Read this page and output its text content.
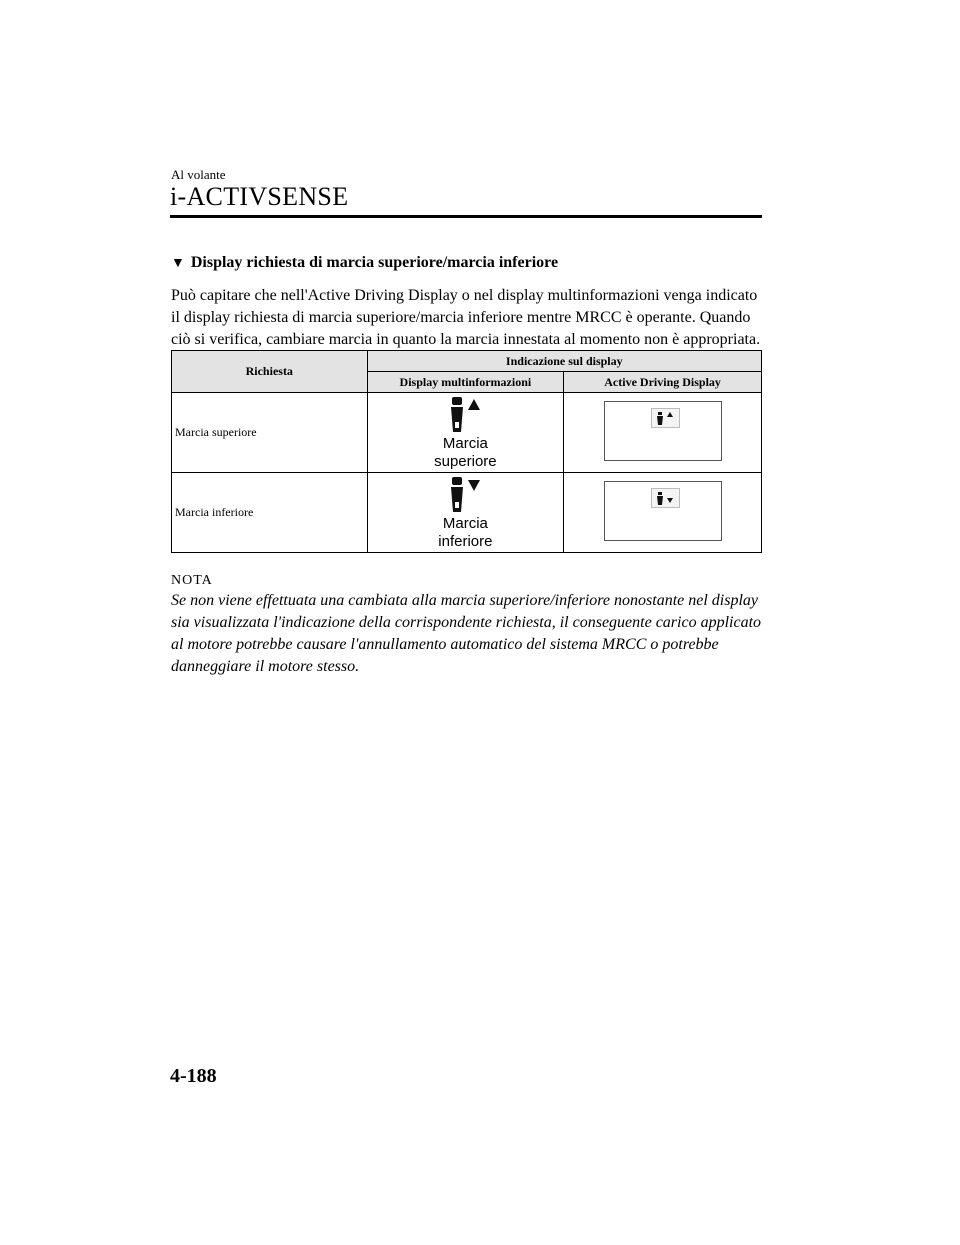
Al volante
i-ACTIVSENSE
▼ Display richiesta di marcia superiore/marcia inferiore
Può capitare che nell'Active Driving Display o nel display multinformazioni venga indicato
il display richiesta di marcia superiore/marcia inferiore mentre MRCC è operante. Quando
ciò si verifica, cambiare marcia in quanto la marcia innestata al momento non è appropriata.
Richiesta	Indicazione sul display	
	Display multinformazioni	Active Driving Display
Marcia superiore	Marcia
superiore

Marcia inferiore	Marcia
inferiore

NOTA
Se non viene effettuata una cambiata alla marcia superiore/inferiore nonostante nel display
sia visualizzata l'indicazione della corrispondente richiesta, il conseguente carico applicato
al motore potrebbe causare l'annullamento automatico del sistema MRCC o potrebbe
danneggiare il motore stesso.
4-188
